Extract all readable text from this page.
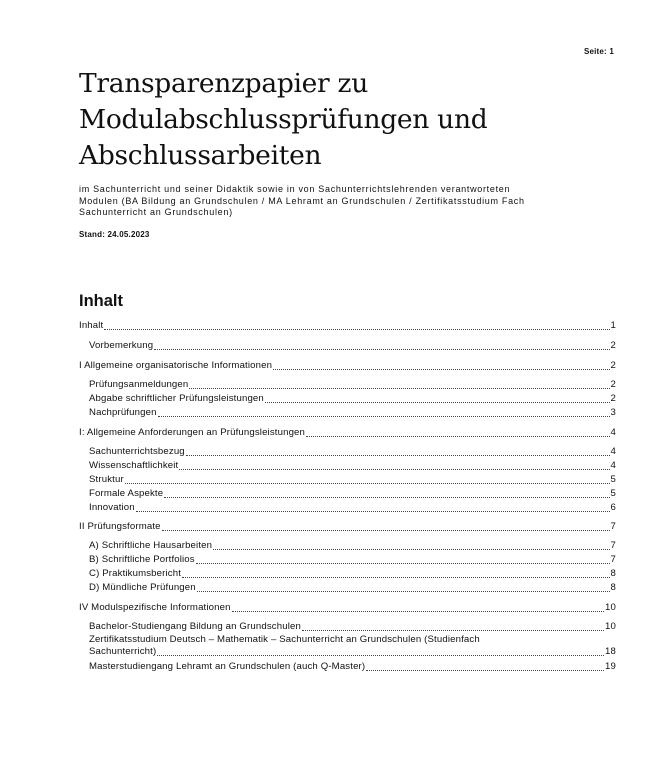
Seite: 1
Transparenzpapier zu
Modulabschlussprüfungen und
Abschlussarbeiten
im Sachunterricht und seiner Didaktik sowie in von Sachunterrichtslehrenden verantworteten
Modulen (BA Bildung an Grundschulen / MA Lehramt an Grundschulen / Zertifikatsstudium Fach
Sachunterricht an Grundschulen)
Stand: 24.05.2023
Inhalt
Inhalt	1
Vorbemerkung	2
I Allgemeine organisatorische Informationen	2
Prüfungsanmeldungen	2
Abgabe schriftlicher Prüfungsleistungen	2
Nachprüfungen	3
I: Allgemeine Anforderungen an Prüfungsleistungen	4
Sachunterrichtsbezug	4
Wissenschaftlichkeit	4
Struktur	5
Formale Aspekte	5
Innovation	6
II Prüfungsformate	7
A) Schriftliche Hausarbeiten	7
B) Schriftliche Portfolios	7
C) Praktikumsbericht	8
D) Mündliche Prüfungen	8
IV Modulspezifische Informationen	10
Bachelor-Studiengang Bildung an Grundschulen	10
Zertifikatsstudium Deutsch – Mathematik – Sachunterricht an Grundschulen (Studienfach
Sachunterricht)	18
Masterstudiengang Lehramt an Grundschulen (auch Q-Master)	19
